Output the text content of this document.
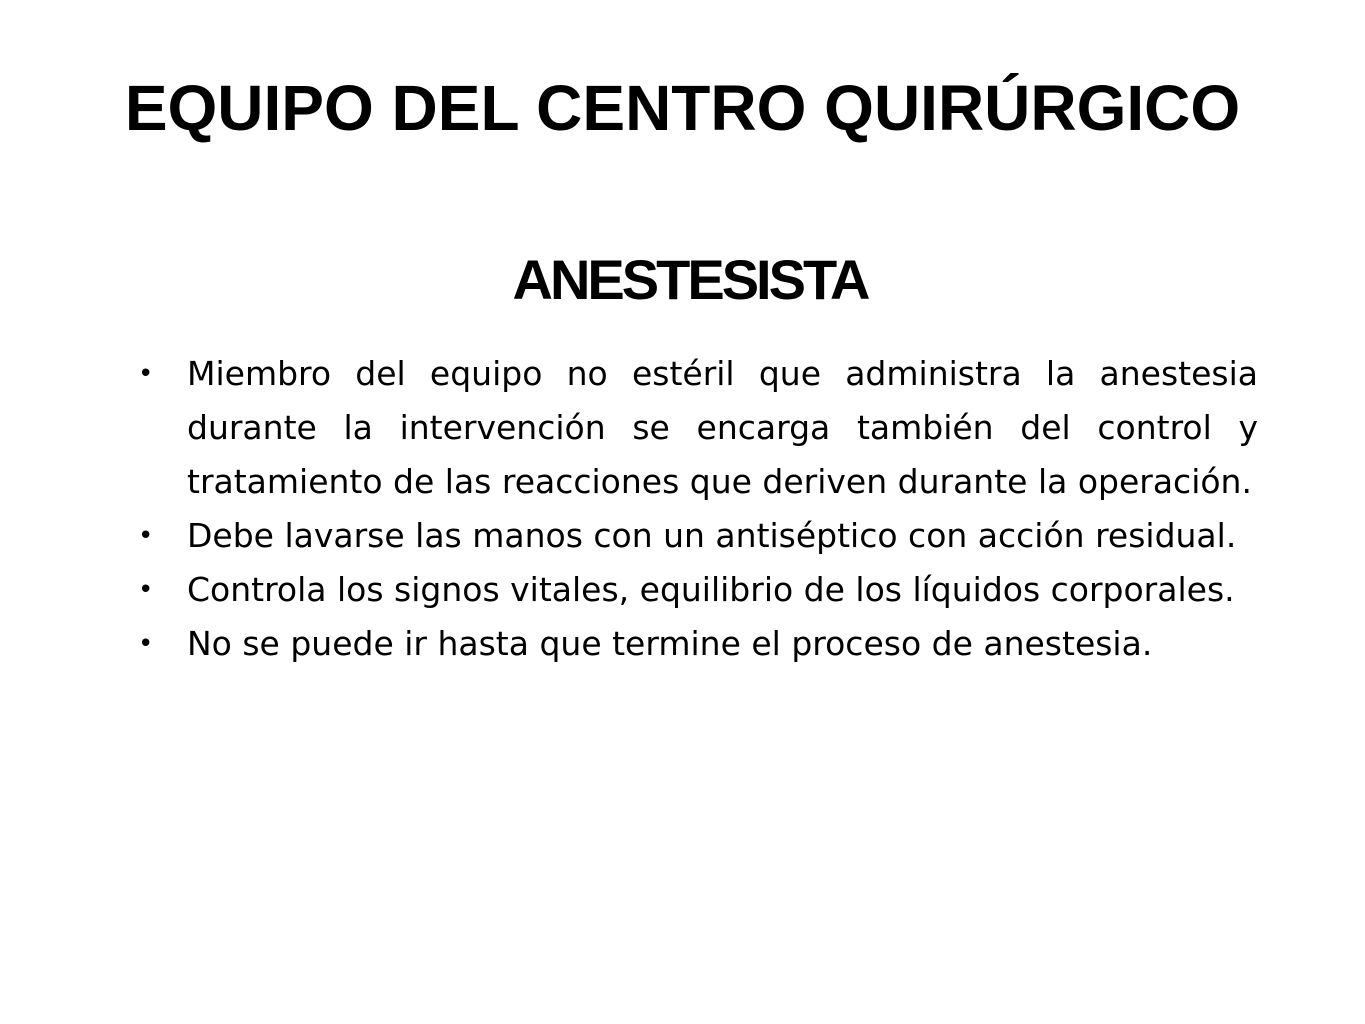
EQUIPO DEL CENTRO QUIRÚRGICO
ANESTESISTA
• Miembro del equipo no estéril que administra la anestesia durante la intervención se encarga también del control y tratamiento de las reacciones que deriven durante la operación.
• Debe lavarse las manos con un antiséptico con acción residual.
• Controla los signos vitales, equilibrio de los líquidos corporales.
• No se puede ir hasta que termine el proceso de anestesia.
